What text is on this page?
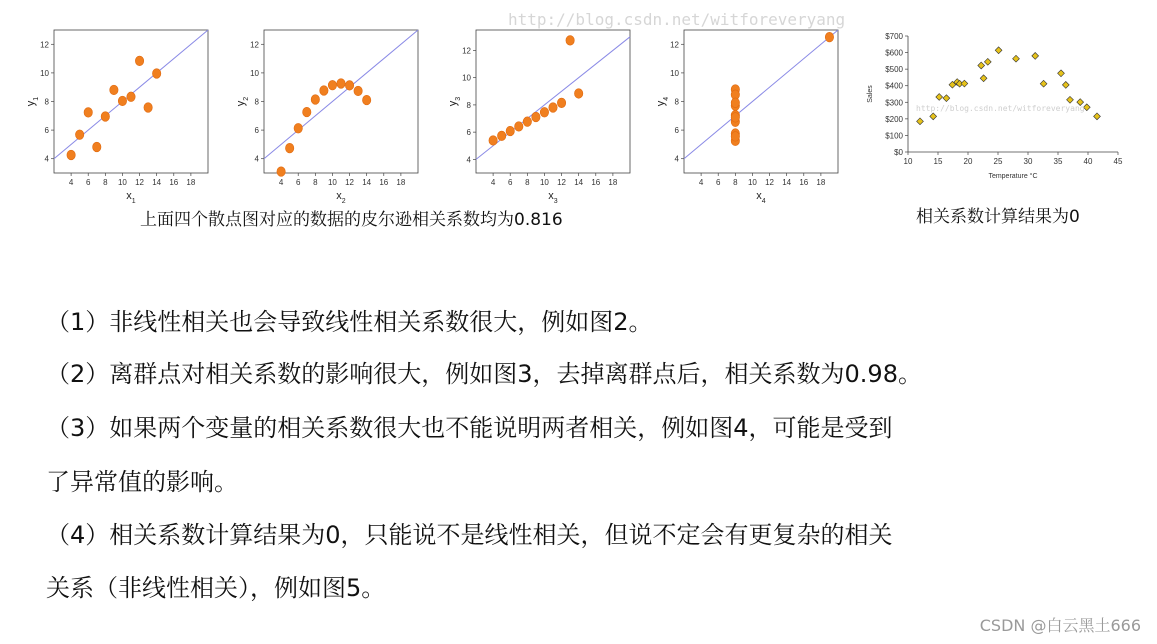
4 6 8 10 12 14 16 18
4
6
8
10
12
$x_1$
$y_1$
4 6 8 10 12 14 16 18
4
6
8
10
12
$x_2$
$y_2$
4 6 8 10 12 14 16 18
4
6
8
10
12
$x_3$
$y_3$
4 6 8 10 12 14 16 18
4
6
8
10
12
$x_4$
$y_4$
10	15	20	25	30	35	40	45
$0
$100
$200
$300
$400
$500
$600
$700
Temperature °C
Sales
http://blog.csdn.net/witforeveryang
http://blog.csdn.net/witforeveryang
上面四个散点图对应的数据的皮尔逊相关系数均为0.816	相关系数计算结果为0
（1）非线性相关也会导致线性相关系数很大，例如图2。
（2）离群点对相关系数的影响很大，例如图3，去掉离群点后，相关系数为0.98。
（3）如果两个变量的相关系数很大也不能说明两者相关，例如图4，可能是受到
了异常值的影响。
（4）相关系数计算结果为0，只能说不是线性相关，但说不定会有更复杂的相关
关系（非线性相关），例如图5。
CSDN @白云黑土666
